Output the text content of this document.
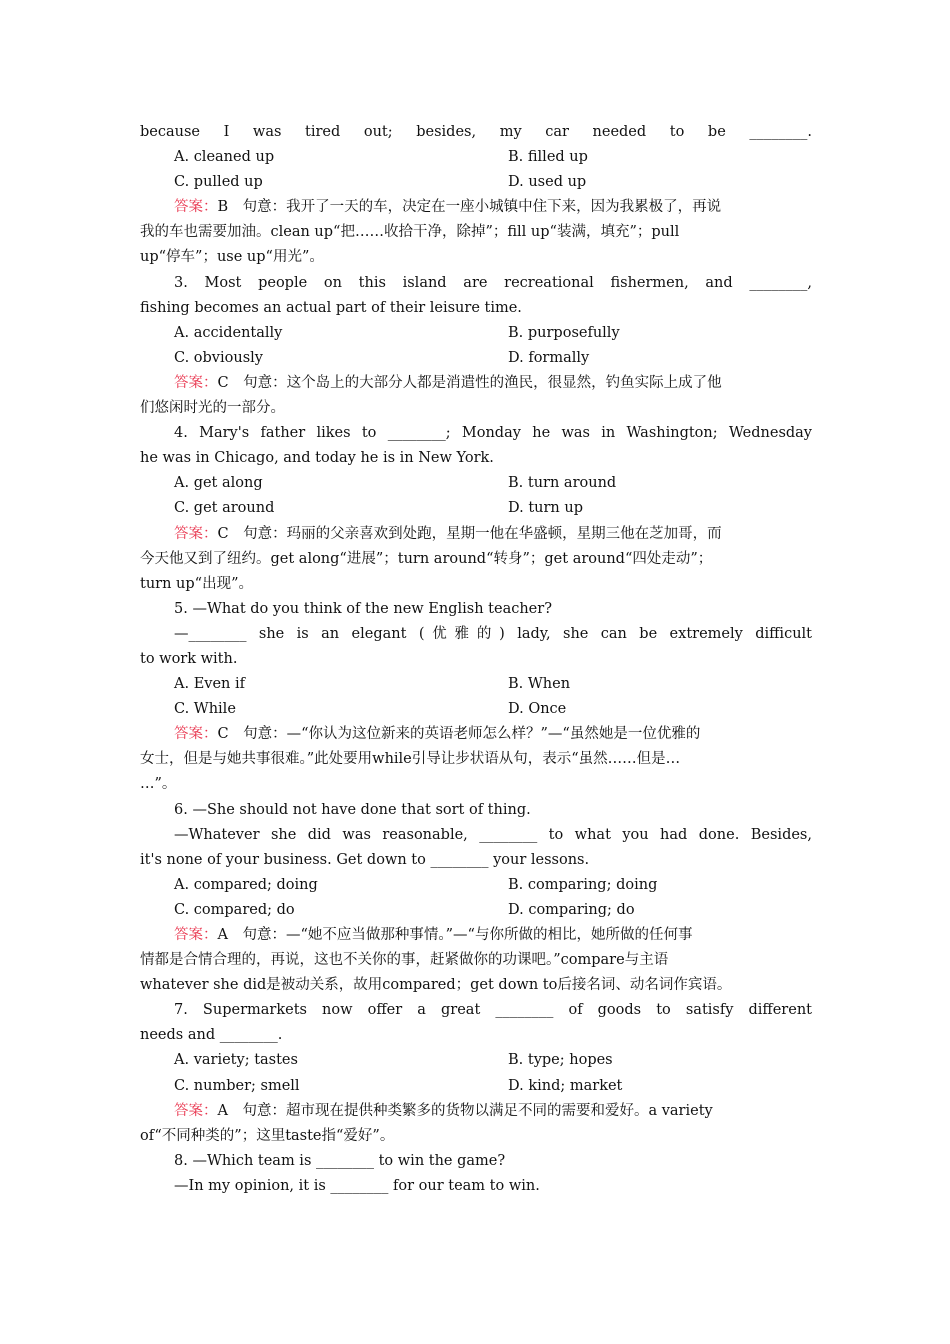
because I was tired out; besides, my car needed to be ________.
A. cleaned up	B. filled up
C. pulled up	D. used up
答案：B　句意：我开了一天的车，决定在一座小城镇中住下来，因为我累极了，再说
我的车也需要加油。clean up“把……收拾干净，除掉”；fill up“装满，填充”；pull
up“停车”；use up“用光”。
3. Most people on this island are recreational fishermen, and ________,
fishing becomes an actual part of their leisure time.
A. accidentally	B. purposefully
C. obviously	D. formally
答案：C　句意：这个岛上的大部分人都是消遣性的渔民，很显然，钓鱼实际上成了他
们悠闲时光的一部分。
4. Mary's father likes to ________; Monday he was in Washington; Wednesday
he was in Chicago, and today he is in New York.
A. get along	B. turn around
C. get around	D. turn up
答案：C　句意：玛丽的父亲喜欢到处跑，星期一他在华盛顿，星期三他在芝加哥，而
今天他又到了纽约。get along“进展”；turn around“转身”；get around“四处走动”；
turn up“出现”。
5. —What do you think of the new English teacher?
—________ she is an elegant (优雅的) lady, she can be extremely difficult
to work with.
A. Even if	B. When
C. While	D. Once
答案：C　句意：—“你认为这位新来的英语老师怎么样？”—“虽然她是一位优雅的
女士，但是与她共事很难。”此处要用while引导让步状语从句，表示“虽然……但是…
…”。
6. —She should not have done that sort of thing.
—Whatever she did was reasonable, ________ to what you had done. Besides,
it's none of your business. Get down to ________ your lessons.
A. compared; doing	B. comparing; doing
C. compared; do	D. comparing; do
答案：A　句意：—“她不应当做那种事情。”—“与你所做的相比，她所做的任何事
情都是合情合理的，再说，这也不关你的事，赶紧做你的功课吧。”compare与主语
whatever she did是被动关系，故用compared；get down to后接名词、动名词作宾语。
7. Supermarkets now offer a great ________ of goods to satisfy different
needs and ________.
A. variety; tastes	B. type; hopes
C. number; smell	D. kind; market
答案：A　句意：超市现在提供种类繁多的货物以满足不同的需要和爱好。a variety
of“不同种类的”；这里taste指“爱好”。
8. —Which team is ________ to win the game?
—In my opinion, it is ________ for our team to win.
